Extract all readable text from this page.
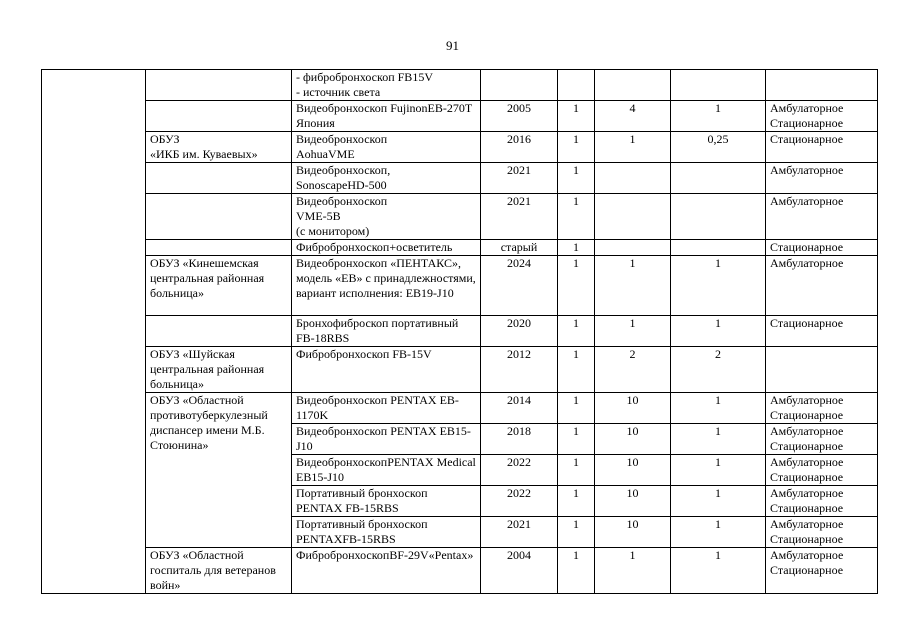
91
		- фибробронхоскоп FB15V
- источник света					
		Видеобронхоскоп FujinonEB-270T Япония	2005	1	4	1	Амбулаторное
Стационарное
	ОБУЗ
«ИКБ им. Куваевых»	Видеобронхоскоп
AohuaVME	2016	1	1	0,25	Стационарное
		Видеобронхоскоп,
SonoscapeHD-500	2021	1			Амбулаторное
		Видеобронхоскоп
VME-5B
(с монитором)	2021	1			Амбулаторное
		Фибробронхоскоп+осветитель	старый	1			Стационарное
	ОБУЗ «Кинешемская центральная районная больница»	Видеобронхоскоп «ПЕНТАКС», модель «ЕВ» с принадлежностями, вариант исполнения: ЕВ19-J10	2024	1	1	1	Амбулаторное
		Бронхофиброскоп портативный FB-18RBS	2020	1	1	1	Стационарное
	ОБУЗ «Шуйская центральная районная больница»	Фибробронхоскоп FB-15V	2012	1	2	2	
	ОБУЗ «Областной противотуберкулезный диспансер имени М.Б. Стоюнина»	Видеобронхоскоп PENTAX EB-1170K	2014	1	10	1	Амбулаторное
Стационарное
		Видеобронхоскоп PENTAX EB15-J10	2018	1	10	1	Амбулаторное
Стационарное
		ВидеобронхоскопPENTAX Medical EB15-J10	2022	1	10	1	Амбулаторное
Стационарное
		Портативный бронхоскоп PENTAX FB-15RBS	2022	1	10	1	Амбулаторное
Стационарное
		Портативный бронхоскоп PENTAXFB-15RBS	2021	1	10	1	Амбулаторное
Стационарное
	ОБУЗ «Областной госпиталь для ветеранов войн»	ФибробронхоскопBF-29V«Pentax»	2004	1	1	1	Амбулаторное
Стационарное
